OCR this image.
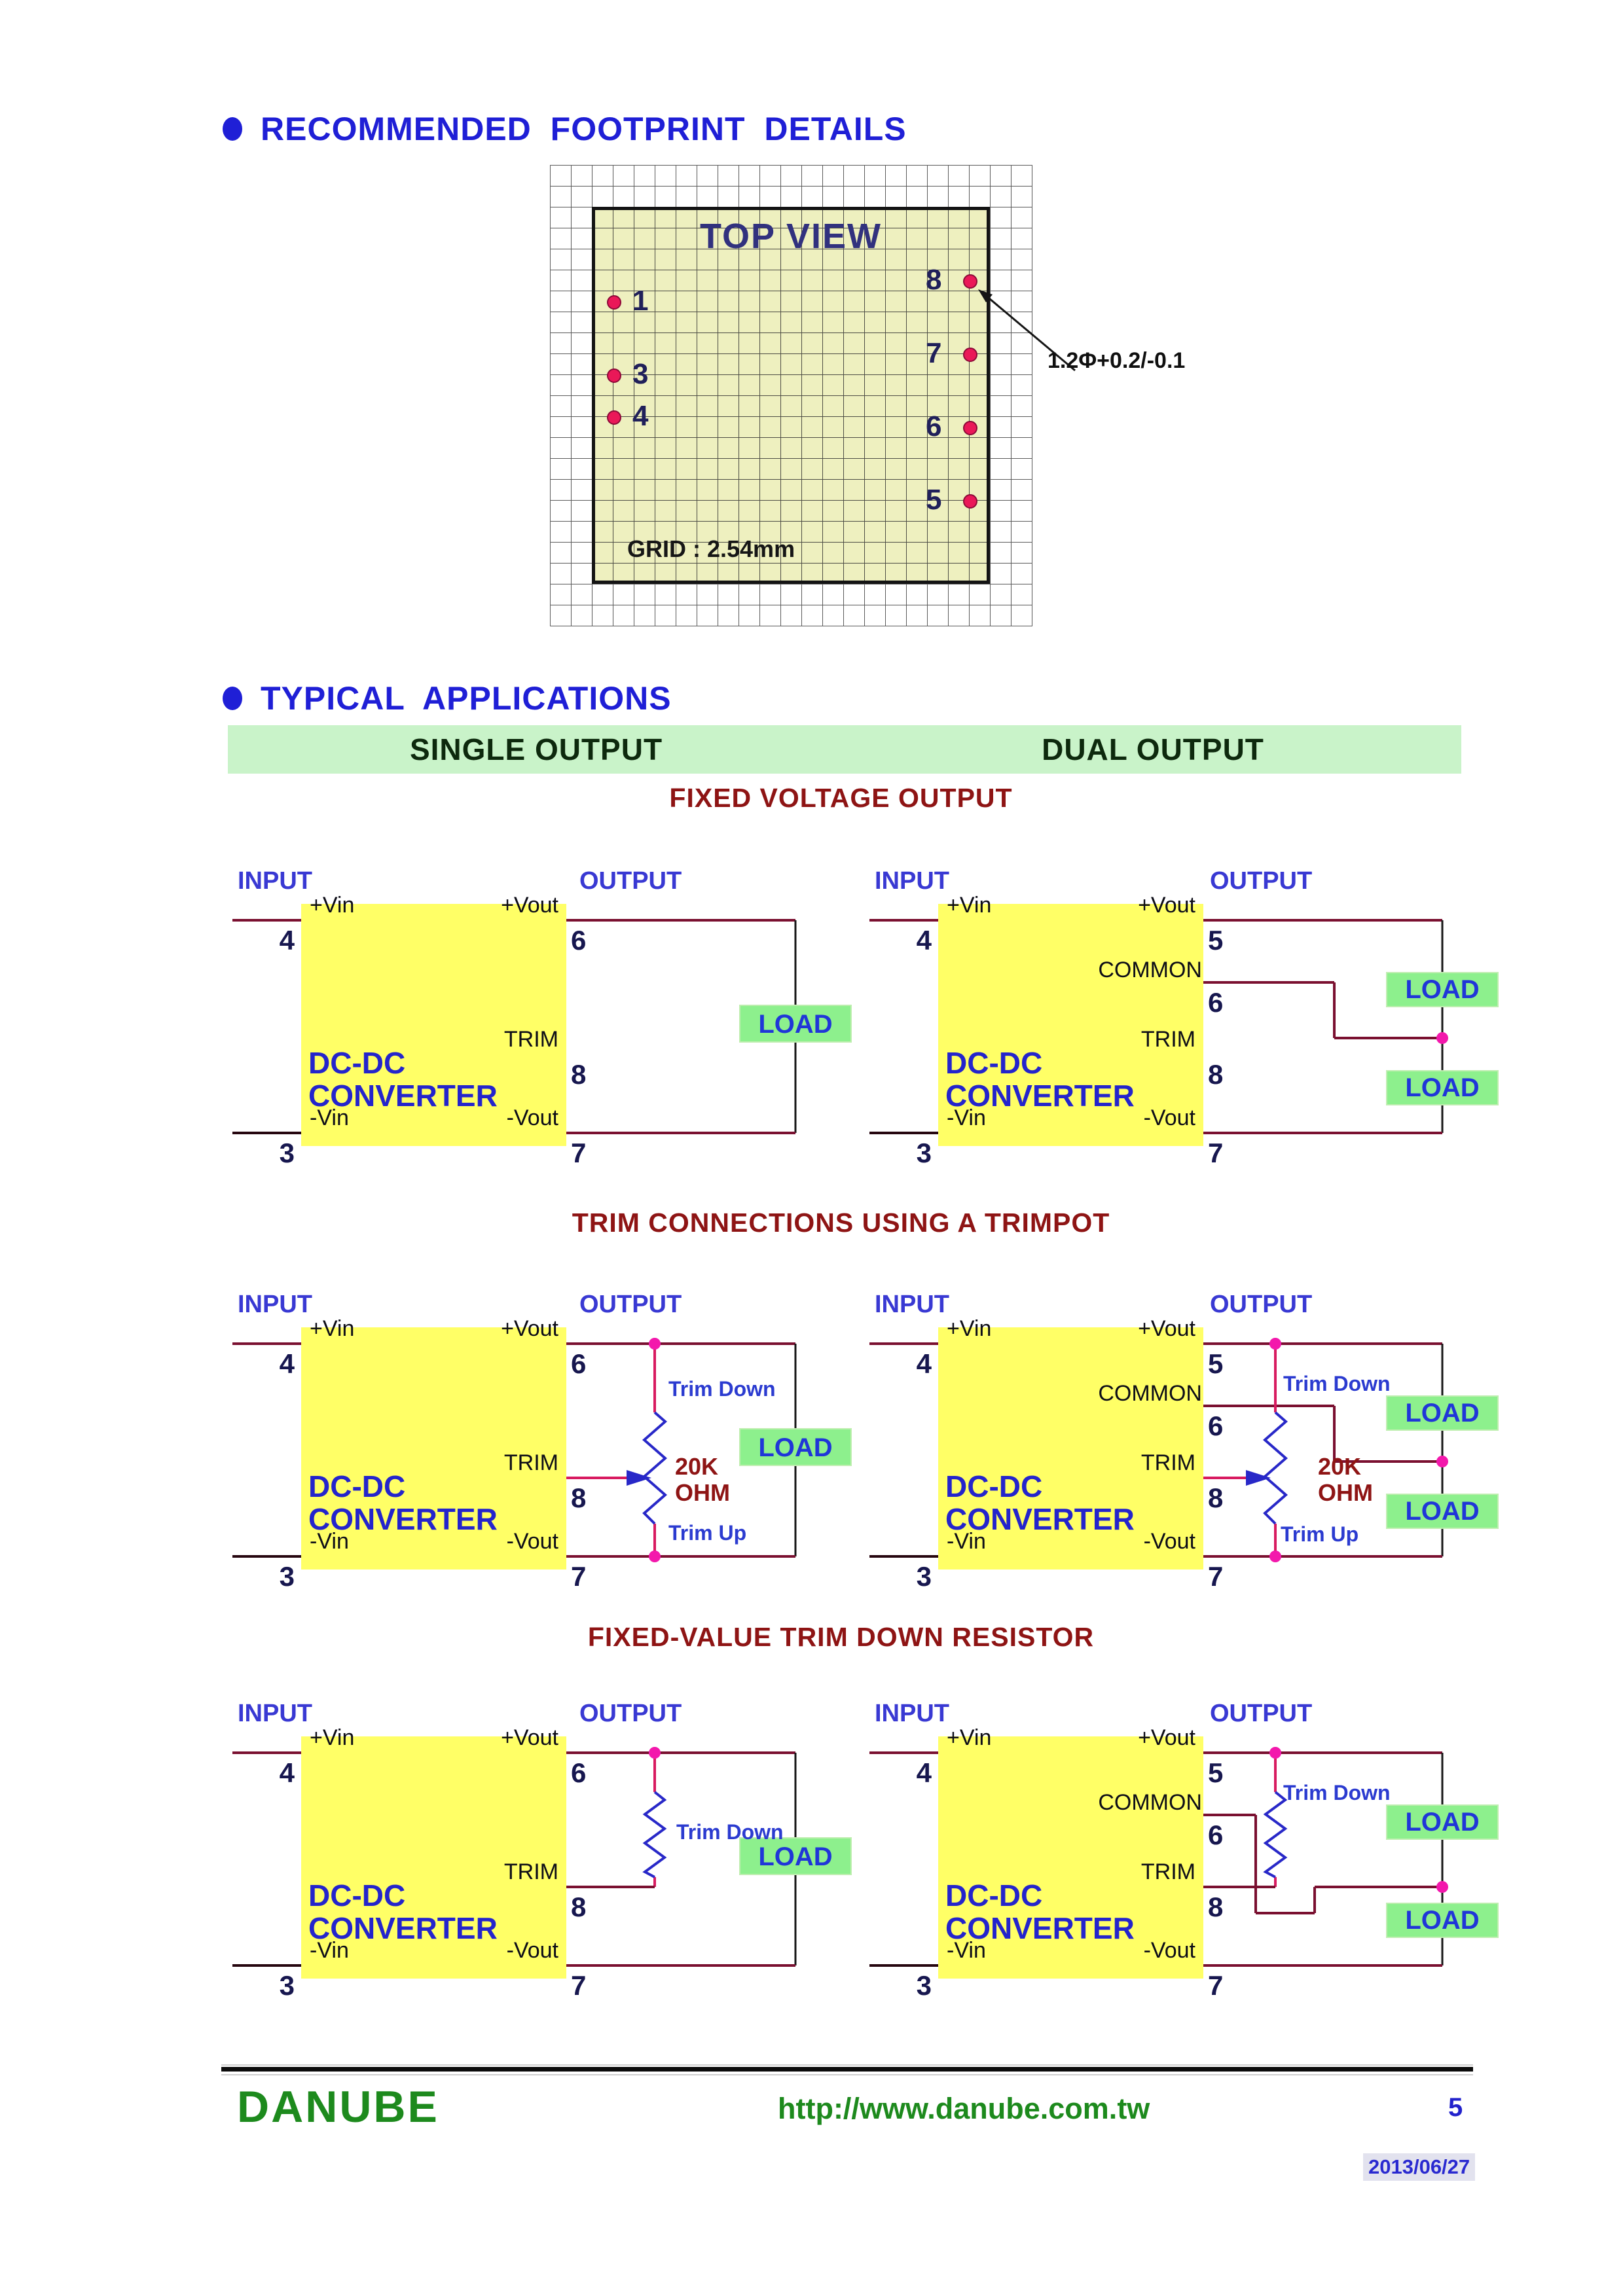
RECOMMENDED FOOTPRINT DETAILS
TOP VIEW
GRID : 2.54mm
1
3
4
8
7
6
5
1.2Φ+0.2/-0.1
TYPICAL APPLICATIONS
SINGLE OUTPUT	DUAL OUTPUT
FIXED VOLTAGE OUTPUT
LOAD
INPUT	OUTPUT
+Vin	+Vout
TRIM
DC-DC
CONVERTER
-Vin	-Vout
4
3
6
8
7
LOAD
LOAD
INPUT	OUTPUT
+Vin	+Vout
COMMON
TRIM
DC-DC
CONVERTER
-Vin	-Vout
4
3
5
6
8
7
TRIM CONNECTIONS USING A TRIMPOT
LOAD
INPUT	OUTPUT
+Vin	+Vout
TRIM
DC-DC
CONVERTER
-Vin	-Vout
4
3
6
8
7
Trim Down
20K
OHM
Trim Up
LOAD
LOAD
INPUT	OUTPUT
+Vin	+Vout
COMMON
TRIM
DC-DC
CONVERTER
-Vin	-Vout
4
3
5
6
8
7
Trim Down
20K
OHM
Trim Up
FIXED-VALUE TRIM DOWN RESISTOR
LOAD
INPUT	OUTPUT
+Vin	+Vout
TRIM
DC-DC
CONVERTER
-Vin	-Vout
4
3
6
8
7
Trim Down	LOAD
LOAD
INPUT	OUTPUT
+Vin	+Vout
COMMON
TRIM
DC-DC
CONVERTER
-Vin	-Vout
4
3
5
6
8
7
Trim Down
DANUBE	http://www.danube.com.tw	5
2013/06/27
